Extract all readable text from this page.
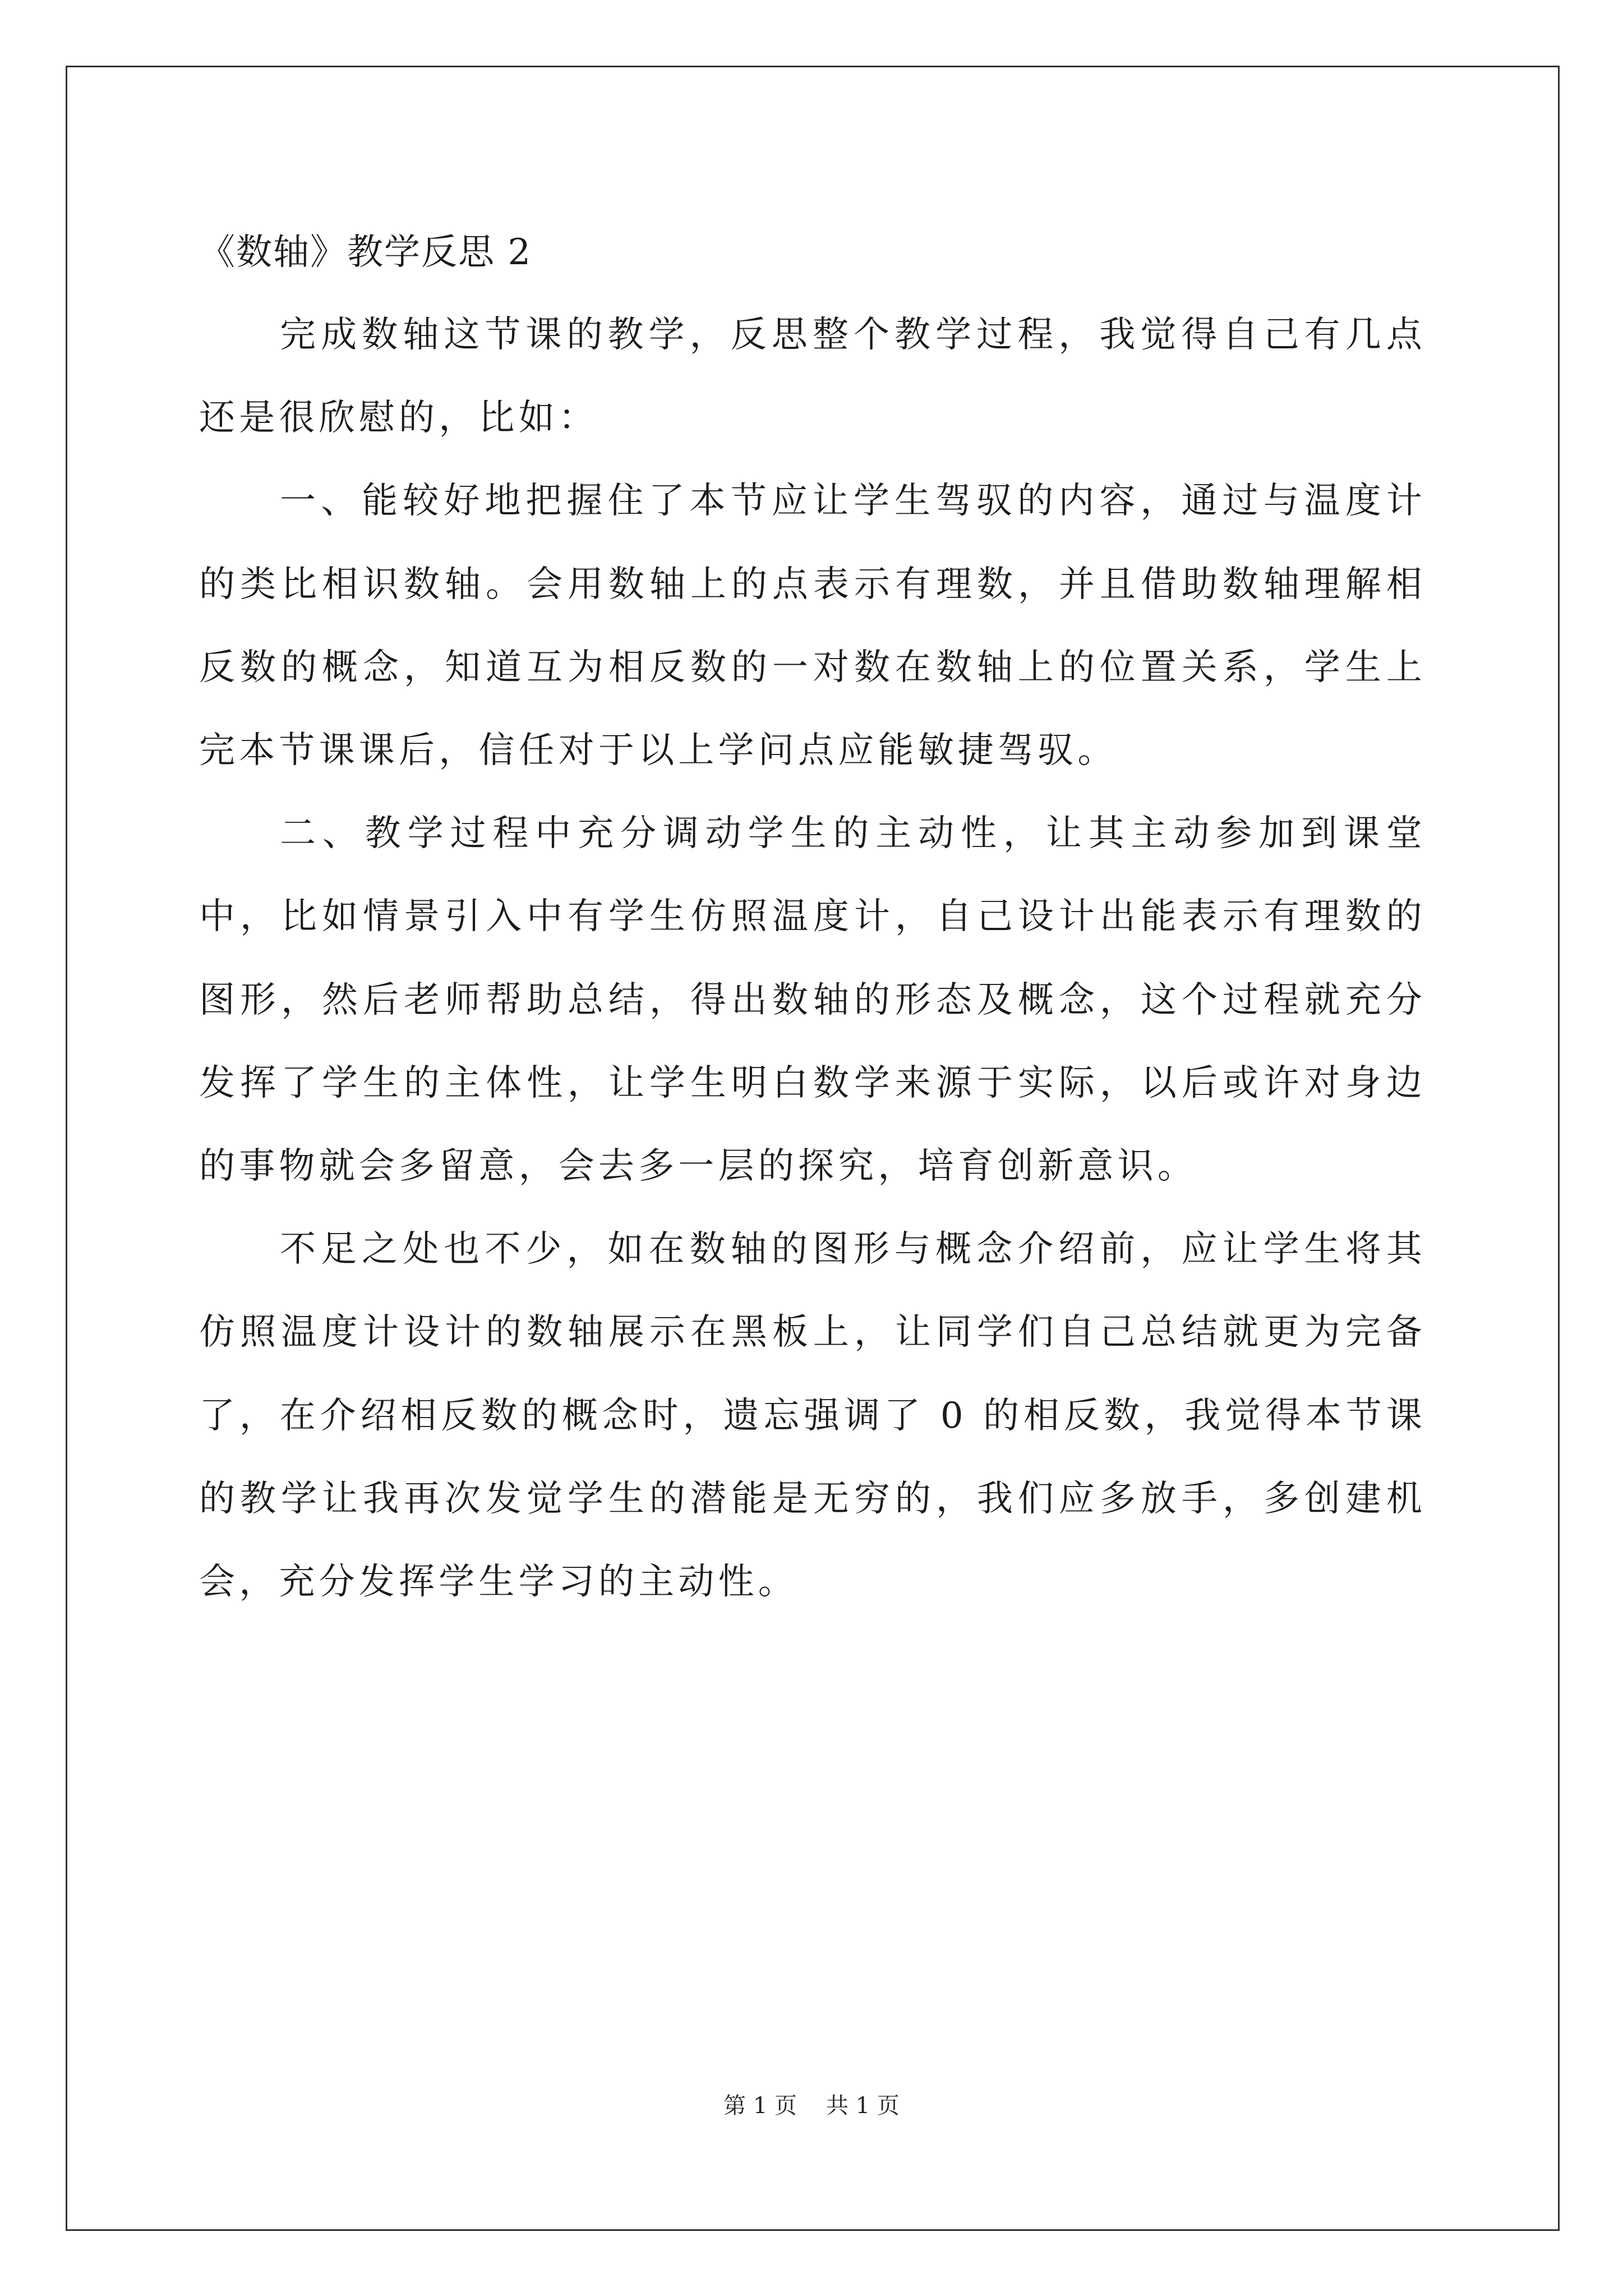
《数轴》教学反思 2

完成数轴这节课的教学，反思整个教学过程，我觉得自己有几点还是很欣慰的，比如：

一、能较好地把握住了本节应让学生驾驭的内容，通过与温度计的类比相识数轴。会用数轴上的点表示有理数，并且借助数轴理解相反数的概念，知道互为相反数的一对数在数轴上的位置关系，学生上完本节课课后，信任对于以上学问点应能敏捷驾驭。

二、教学过程中充分调动学生的主动性，让其主动参加到课堂中，比如情景引入中有学生仿照温度计，自己设计出能表示有理数的图形，然后老师帮助总结，得出数轴的形态及概念，这个过程就充分发挥了学生的主体性，让学生明白数学来源于实际，以后或许对身边的事物就会多留意，会去多一层的探究，培育创新意识。

不足之处也不少，如在数轴的图形与概念介绍前，应让学生将其仿照温度计设计的数轴展示在黑板上，让同学们自己总结就更为完备了，在介绍相反数的概念时，遗忘强调了 0 的相反数，我觉得本节课的教学让我再次发觉学生的潜能是无穷的，我们应多放手，多创建机会，充分发挥学生学习的主动性。

第 1 页 共 1 页
